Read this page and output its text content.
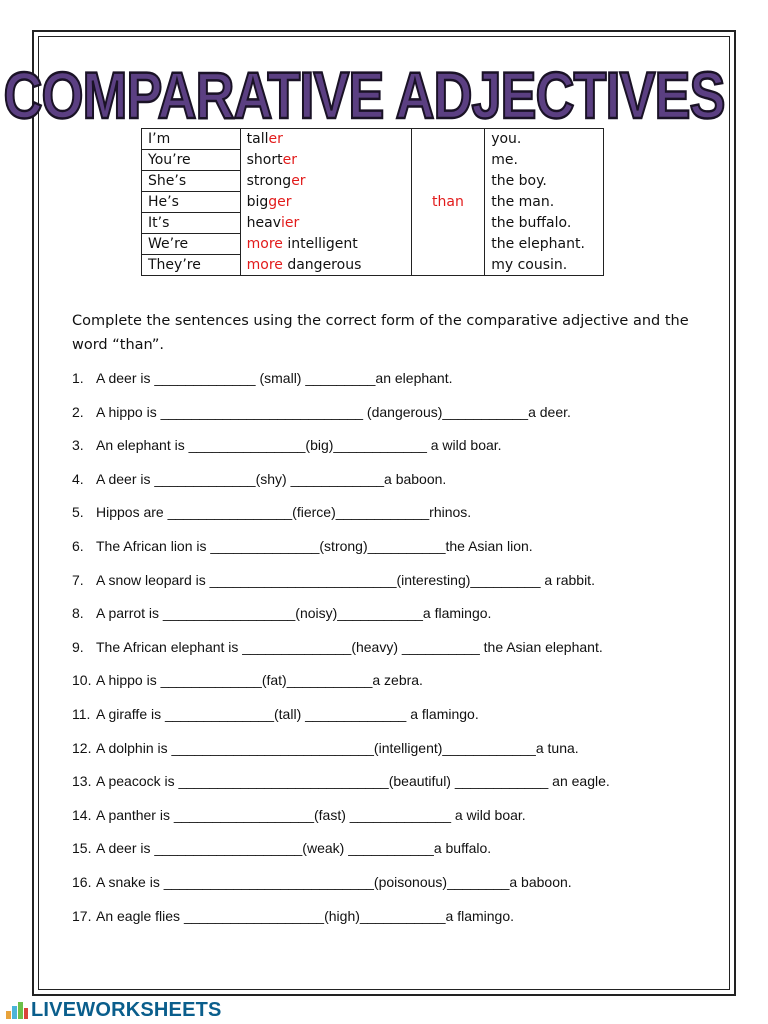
COMPARATIVE ADJECTIVES
I’m	taller	than	you.
You’re	shorter		me.
She’s	stronger		the boy.
He’s	bigger		the man.
It’s	heavier		the buffalo.
We’re	more intelligent		the elephant.
They’re	more dangerous		my cousin.
Complete the sentences using the correct form of the comparative adjective and the word “than”.
1. A deer is _____________ (small) _________an elephant.
2. A hippo is __________________________ (dangerous)___________a deer.
3. An elephant is _______________(big)____________ a wild boar.
4. A deer is _____________(shy) ____________a baboon.
5. Hippos are ________________(fierce)____________rhinos.
6. The African lion is ______________(strong)__________the Asian lion.
7. A snow leopard is ________________________(interesting)_________ a rabbit.
8. A parrot is _________________(noisy)___________a flamingo.
9. The African elephant is ______________(heavy) __________ the Asian elephant.
10. A hippo is _____________(fat)___________a zebra.
11. A giraffe is ______________(tall) _____________ a flamingo.
12. A dolphin is __________________________(intelligent)____________a tuna.
13. A peacock is ___________________________(beautiful) ____________ an eagle.
14. A panther is __________________(fast) _____________ a wild boar.
15. A deer is ___________________(weak) ___________a buffalo.
16. A snake is ___________________________(poisonous)________a baboon.
17. An eagle flies __________________(high)___________a flamingo.
LIVEWORKSHEETS
